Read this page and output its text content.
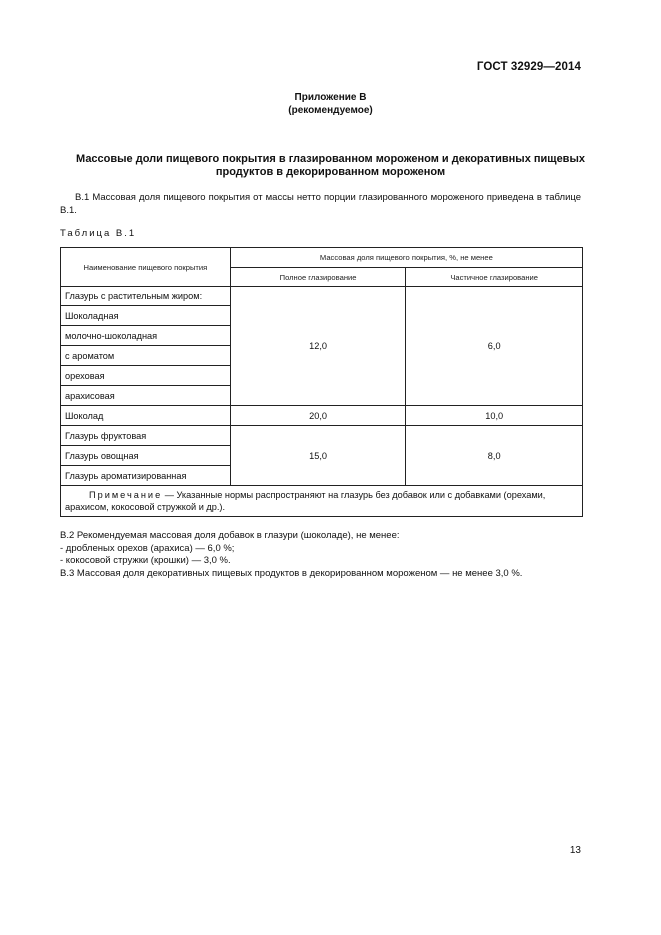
ГОСТ 32929—2014
Приложение В
(рекомендуемое)
Массовые доли пищевого покрытия в глазированном мороженом и декоративных пищевых
продуктов в декорированном мороженом
В.1 Массовая доля пищевого покрытия от массы нетто порции глазированного мороженого приведена в таблице В.1.
Таблица В.1
Наименование пищевого покрытия	Массовая доля пищевого покрытия, %, не менее	
	Полное глазирование	Частичное глазирование
Глазурь с растительным жиром:	12,0	6,0
Шоколадная		
молочно-шоколадная		
с ароматом		
ореховая		
арахисовая		
Шоколад	20,0	10,0
Глазурь фруктовая	15,0	8,0
Глазурь овощная		
Глазурь ароматизированная		
Примечание — Указанные нормы распространяют на глазурь без добавок или с добавками (орехами, арахисом, кокосовой стружкой и др.).		
В.2 Рекомендуемая массовая доля добавок в глазури (шоколаде), не менее:
- дробленых орехов (арахиса) — 6,0 %;
- кокосовой стружки (крошки) — 3,0 %.
В.3 Массовая доля декоративных пищевых продуктов в декорированном мороженом — не менее 3,0 %.
13
